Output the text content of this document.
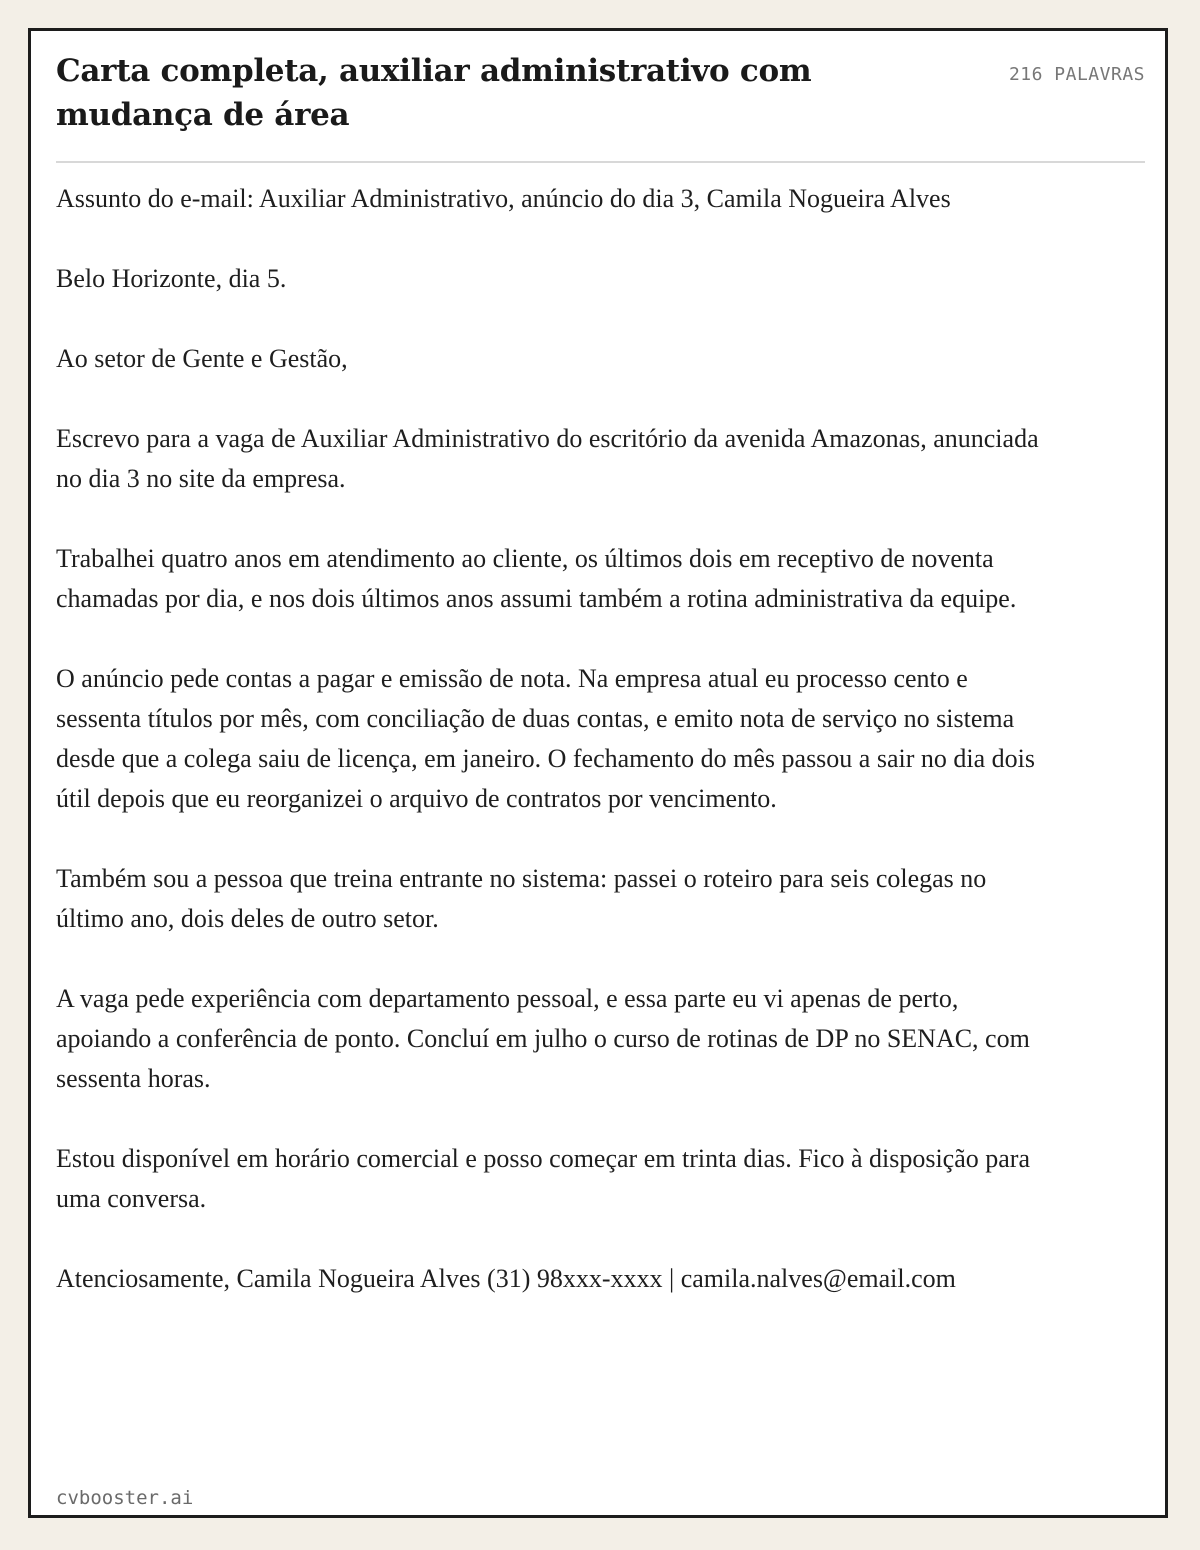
Carta completa, auxiliar administrativo com mudança de área
216 PALAVRAS

Assunto do e-mail: Auxiliar Administrativo, anúncio do dia 3, Camila Nogueira Alves

Belo Horizonte, dia 5.

Ao setor de Gente e Gestão,

Escrevo para a vaga de Auxiliar Administrativo do escritório da avenida Amazonas, anunciada no dia 3 no site da empresa.

Trabalhei quatro anos em atendimento ao cliente, os últimos dois em receptivo de noventa chamadas por dia, e nos dois últimos anos assumi também a rotina administrativa da equipe.

O anúncio pede contas a pagar e emissão de nota. Na empresa atual eu processo cento e sessenta títulos por mês, com conciliação de duas contas, e emito nota de serviço no sistema desde que a colega saiu de licença, em janeiro. O fechamento do mês passou a sair no dia dois útil depois que eu reorganizei o arquivo de contratos por vencimento.

Também sou a pessoa que treina entrante no sistema: passei o roteiro para seis colegas no último ano, dois deles de outro setor.

A vaga pede experiência com departamento pessoal, e essa parte eu vi apenas de perto, apoiando a conferência de ponto. Concluí em julho o curso de rotinas de DP no SENAC, com sessenta horas.

Estou disponível em horário comercial e posso começar em trinta dias. Fico à disposição para uma conversa.

Atenciosamente, Camila Nogueira Alves (31) 98xxx-xxxx | camila.nalves@email.com

cvbooster.ai
